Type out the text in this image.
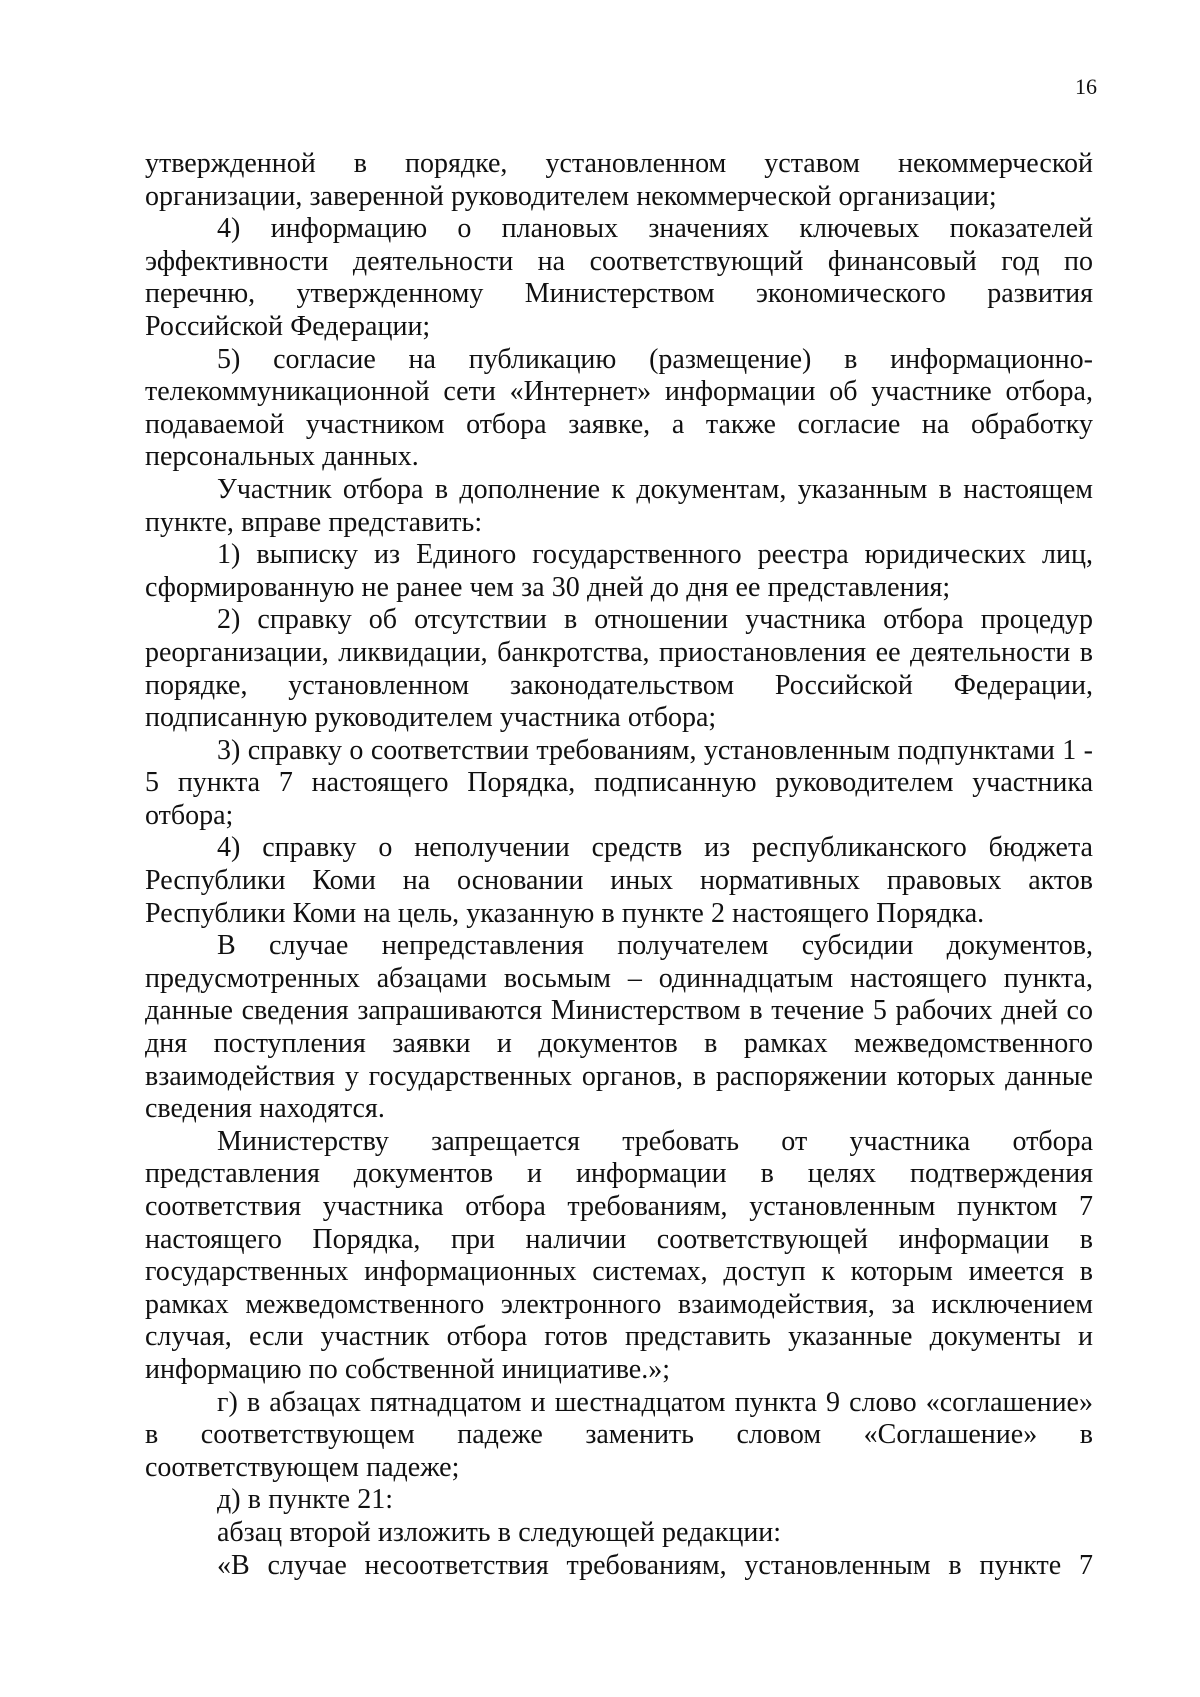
16

утвержденной в порядке, установленном уставом некоммерческой организации, заверенной руководителем некоммерческой организации;

4) информацию о плановых значениях ключевых показателей эффективности деятельности на соответствующий финансовый год по перечню, утвержденному Министерством экономического развития Российской Федерации;

5) согласие на публикацию (размещение) в информационно-телекоммуникационной сети «Интернет» информации об участнике отбора, подаваемой участником отбора заявке, а также согласие на обработку персональных данных.

Участник отбора в дополнение к документам, указанным в настоящем пункте, вправе представить:

1) выписку из Единого государственного реестра юридических лиц, сформированную не ранее чем за 30 дней до дня ее представления;

2) справку об отсутствии в отношении участника отбора процедур реорганизации, ликвидации, банкротства, приостановления ее деятельности в порядке, установленном законодательством Российской Федерации, подписанную руководителем участника отбора;

3) справку о соответствии требованиям, установленным подпунктами 1 - 5 пункта 7 настоящего Порядка, подписанную руководителем участника отбора;

4) справку о неполучении средств из республиканского бюджета Республики Коми на основании иных нормативных правовых актов Республики Коми на цель, указанную в пункте 2 настоящего Порядка.

В случае непредставления получателем субсидии документов, предусмотренных абзацами восьмым – одиннадцатым настоящего пункта, данные сведения запрашиваются Министерством в течение 5 рабочих дней со дня поступления заявки и документов в рамках межведомственного взаимодействия у государственных органов, в распоряжении которых данные сведения находятся.

Министерству запрещается требовать от участника отбора представления документов и информации в целях подтверждения соответствия участника отбора требованиям, установленным пунктом 7 настоящего Порядка, при наличии соответствующей информации в государственных информационных системах, доступ к которым имеется в рамках межведомственного электронного взаимодействия, за исключением случая, если участник отбора готов представить указанные документы и информацию по собственной инициативе.»;

г) в абзацах пятнадцатом и шестнадцатом пункта 9 слово «соглашение» в соответствующем падеже заменить словом «Соглашение» в соответствующем падеже;

д) в пункте 21:

абзац второй изложить в следующей редакции:

«В случае несоответствия требованиям, установленным в пункте 7
